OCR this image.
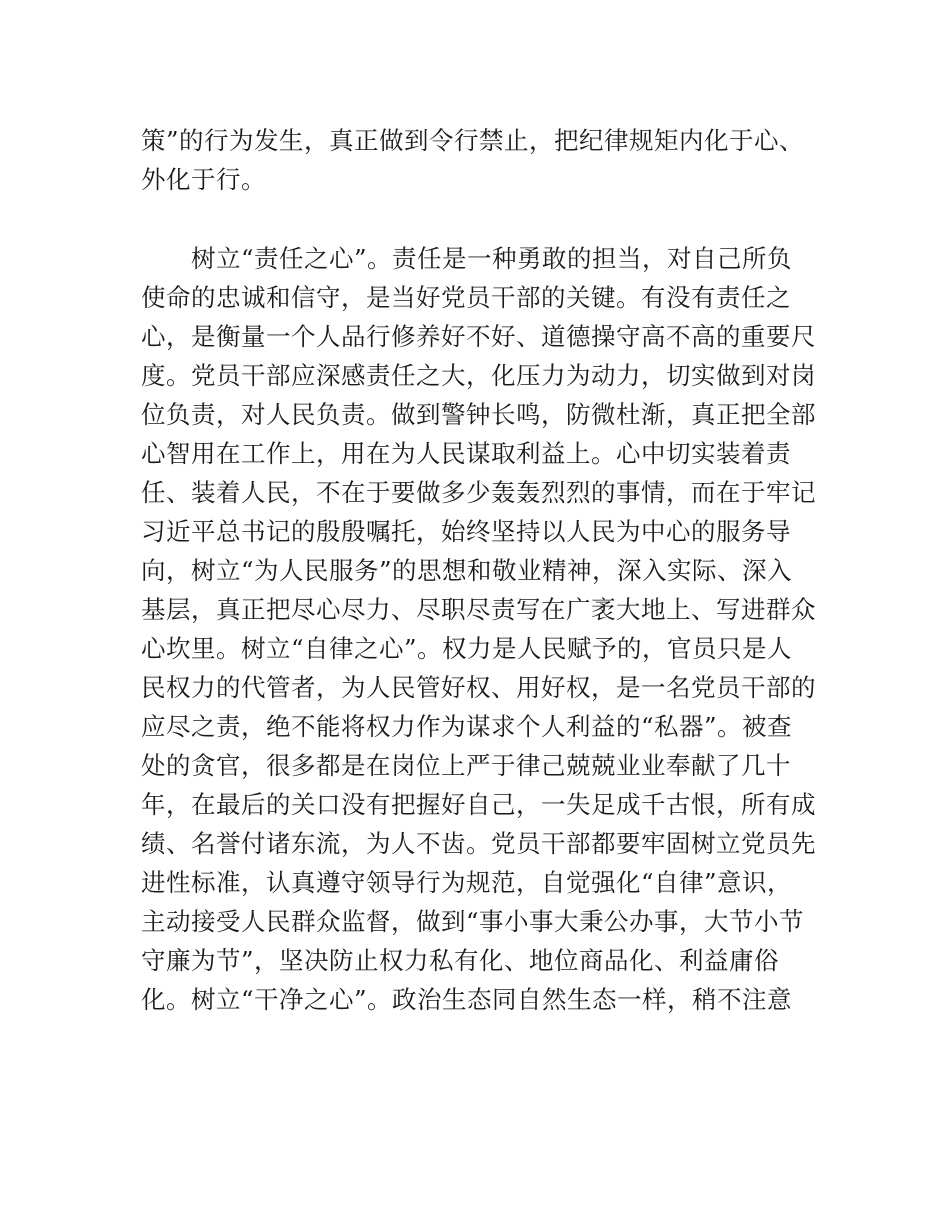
策”的行为发生，真正做到令行禁止，把纪律规矩内化于心、
外化于行。
　　树立“责任之心”。责任是一种勇敢的担当，对自己所负
使命的忠诚和信守，是当好党员干部的关键。有没有责任之
心，是衡量一个人品行修养好不好、道德操守高不高的重要尺
度。党员干部应深感责任之大，化压力为动力，切实做到对岗
位负责，对人民负责。做到警钟长鸣，防微杜渐，真正把全部
心智用在工作上，用在为人民谋取利益上。心中切实装着责
任、装着人民，不在于要做多少轰轰烈烈的事情，而在于牢记
习近平总书记的殷殷嘱托，始终坚持以人民为中心的服务导
向，树立“为人民服务”的思想和敬业精神，深入实际、深入
基层，真正把尽心尽力、尽职尽责写在广袤大地上、写进群众
心坎里。树立“自律之心”。权力是人民赋予的，官员只是人
民权力的代管者，为人民管好权、用好权，是一名党员干部的
应尽之责，绝不能将权力作为谋求个人利益的“私器”。被查
处的贪官，很多都是在岗位上严于律己兢兢业业奉献了几十
年，在最后的关口没有把握好自己，一失足成千古恨，所有成
绩、名誉付诸东流，为人不齿。党员干部都要牢固树立党员先
进性标准，认真遵守领导行为规范，自觉强化“自律”意识，
主动接受人民群众监督，做到“事小事大秉公办事，大节小节
守廉为节”，坚决防止权力私有化、地位商品化、利益庸俗
化。树立“干净之心”。政治生态同自然生态一样，稍不注意
